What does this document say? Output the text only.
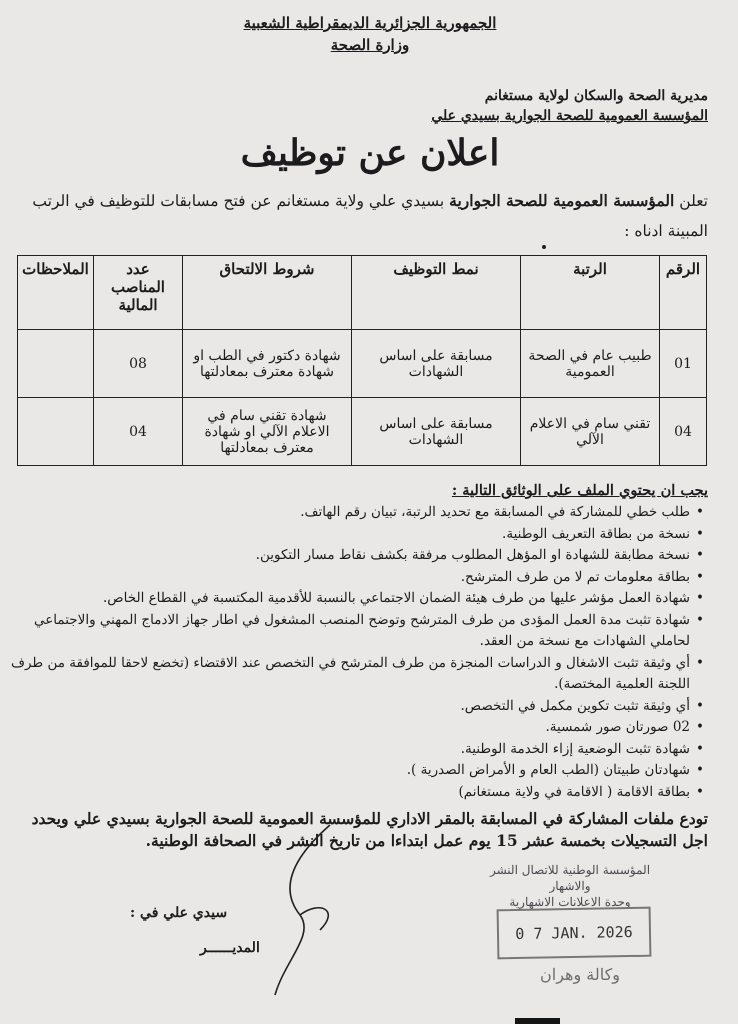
الجمهورية الجزائرية الديمقراطية الشعبية
وزارة الصحة
مديرية الصحة والسكان لولاية مستغانم
المؤسسة العمومية للصحة الجوارية بسيدي علي
اعلان عن توظيف
تعلن المؤسسة العمومية للصحة الجوارية بسيدي علي ولاية مستغانم عن فتح مسابقات للتوظيف في الرتب المبينة ادناه :
الرقم	الرتبة	نمط التوظيف	شروط الالتحاق	عدد المناصب المالية	الملاحظات
01	طبيب عام في الصحة العمومية	مسابقة على اساس الشهادات	شهادة دكتور في الطب او شهادة معترف بمعادلتها	08	
04	تقني سام في الاعلام الآلي	مسابقة على اساس الشهادات	شهادة تقني سام في الاعلام الآلي او شهادة معترف بمعادلتها	04	
يجب ان يحتوي الملف على الوثائق التالية :
• طلب خطي للمشاركة في المسابقة مع تحديد الرتبة، تبيان رقم الهاتف.
• نسخة من بطاقة التعريف الوطنية.
• نسخة مطابقة للشهادة او المؤهل المطلوب مرفقة بكشف نقاط مسار التكوين.
• بطاقة معلومات تم لا من طرف المترشح.
• شهادة العمل مؤشر عليها من طرف هيئة الضمان الاجتماعي بالنسبة للأقدمية المكتسبة في القطاع الخاص.
• شهادة تثبت مدة العمل المؤدى من طرف المترشح وتوضح المنصب المشغول في اطار جهاز الادماج المهني والاجتماعي لحاملي الشهادات مع نسخة من العقد.
• أي وثيقة تثبت الاشغال و الدراسات المنجزة من طرف المترشح في التخصص عند الاقتضاء (تخضع لاحقا للموافقة من طرف اللجنة العلمية المختصة).
• أي وثيقة تثبت تكوين مكمل في التخصص.
• 02 صورتان صور شمسية.
• شهادة تثبت الوضعية إزاء الخدمة الوطنية.
• شهادتان طبيتان (الطب العام و الأمراض الصدرية ).
• بطاقة الاقامة ( الاقامة في ولاية مستغانم)
تودع ملفات المشاركة في المسابقة بالمقر الاداري للمؤسسة العمومية للصحة الجوارية بسيدي علي ويحدد اجل التسجيلات بخمسة عشر 15 يوم عمل ابتداءا من تاريخ النشر في الصحافة الوطنية.
المؤسسة الوطنية للاتصال النشر والاشهار
وحدة الاعلانات الاشهارية
0 7 JAN. 2026
وكالة وهران
سيدي علي في :
المديــــــر
